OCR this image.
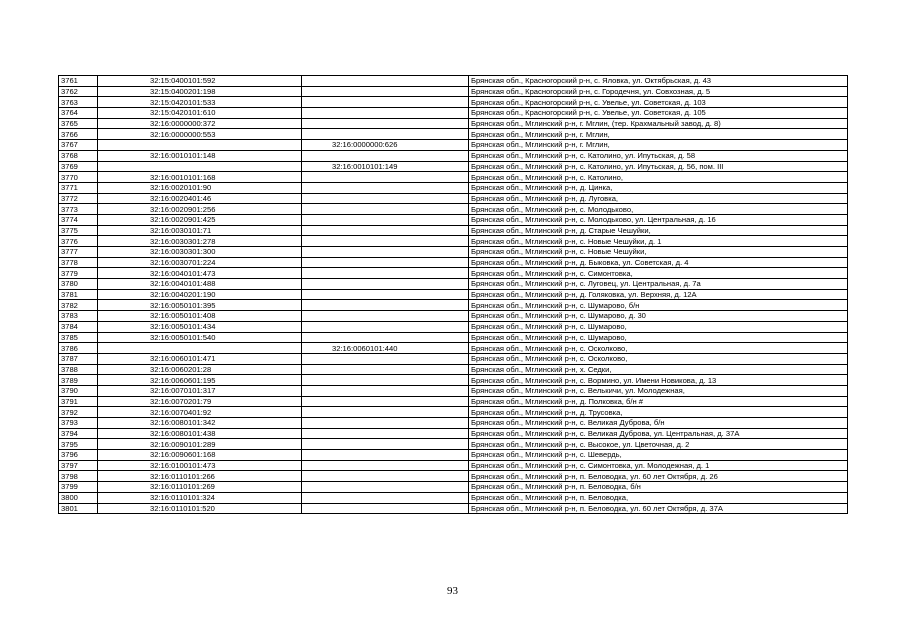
3761	32:15:0400101:592		Брянская обл., Красногорский р-н, с. Яловка, ул. Октябрьская, д. 43
3762	32:15:0400201:198		Брянская обл., Красногорский р-н, с. Городечня, ул. Совхозная, д. 5
3763	32:15:0420101:533		Брянская обл., Красногорский р-н, с. Увелье, ул. Советская, д. 103
3764	32:15:0420101:610		Брянская обл., Красногорский р-н, с. Увелье, ул. Советская, д. 105
3765	32:16:0000000:372		Брянская обл., Мглинский р-н, г. Мглин, (тер. Крахмальный завод, д. 8)
3766	32:16:0000000:553		Брянская обл., Мглинский р-н, г. Мглин,
3767		32:16:0000000:626	Брянская обл., Мглинский р-н, г. Мглин,
3768	32:16:0010101:148		Брянская обл., Мглинский р-н, с. Католино, ул. Ипутьская, д. 58
3769		32:16:0010101:149	Брянская обл., Мглинский р-н, с. Католино, ул. Ипутьская, д. 56, пом. III
3770	32:16:0010101:168		Брянская обл., Мглинский р-н, с. Католино,
3771	32:16:0020101:90		Брянская обл., Мглинский р-н, д. Цинка,
3772	32:16:0020401:46		Брянская обл., Мглинский р-н, д. Луговка,
3773	32:16:0020901:256		Брянская обл., Мглинский р-н, с. Молодьково,
3774	32:16:0020901:425		Брянская обл., Мглинский р-н, с. Молодьково, ул. Центральная, д. 16
3775	32:16:0030101:71		Брянская обл., Мглинский р-н, д. Старые Чешуйки,
3776	32:16:0030301:278		Брянская обл., Мглинский р-н, с. Новые Чешуйки, д. 1
3777	32:16:0030301:300		Брянская обл., Мглинский р-н, с. Новые Чешуйки,
3778	32:16:0030701:224		Брянская обл., Мглинский р-н, д. Быковка, ул. Советская, д. 4
3779	32:16:0040101:473		Брянская обл., Мглинский р-н, с. Симонтовка,
3780	32:16:0040101:488		Брянская обл., Мглинский р-н, с. Луговец, ул. Центральная, д. 7а
3781	32:16:0040201:190		Брянская обл., Мглинский р-н, д. Голяковка, ул. Верхняя, д. 12А
3782	32:16:0050101:395		Брянская обл., Мглинский р-н, с. Шумарово, б/н
3783	32:16:0050101:408		Брянская обл., Мглинский р-н, с. Шумарово, д. 30
3784	32:16:0050101:434		Брянская обл., Мглинский р-н, с. Шумарово,
3785	32:16:0050101:540		Брянская обл., Мглинский р-н, с. Шумарово,
3786		32:16:0060101:440	Брянская обл., Мглинский р-н, с. Осколково,
3787	32:16:0060101:471		Брянская обл., Мглинский р-н, с. Осколково,
3788	32:16:0060201:28		Брянская обл., Мглинский р-н, х. Седки,
3789	32:16:0060601:195		Брянская обл., Мглинский р-н, с. Вормино, ул. Имени Новикова, д. 13
3790	32:16:0070101:317		Брянская обл., Мглинский р-н, с. Велькичи, ул. Молодежная,
3791	32:16:0070201:79		Брянская обл., Мглинский р-н, д. Полковка, б/н #
3792	32:16:0070401:92		Брянская обл., Мглинский р-н, д. Трусовка,
3793	32:16:0080101:342		Брянская обл., Мглинский р-н, с. Великая Дуброва, б/н
3794	32:16:0080101:438		Брянская обл., Мглинский р-н, с. Великая Дуброва, ул. Центральная, д. 37А
3795	32:16:0090101:289		Брянская обл., Мглинский р-н, с. Высокое, ул. Цветочная, д. 2
3796	32:16:0090601:168		Брянская обл., Мглинский р-н, с. Шевердь,
3797	32:16:0100101:473		Брянская обл., Мглинский р-н, с. Симонтовка, ул. Молодежная, д. 1
3798	32:16:0110101:266		Брянская обл., Мглинский р-н, п. Беловодка, ул. 60 лет Октября, д. 26
3799	32:16:0110101:269		Брянская обл., Мглинский р-н, п. Беловодка, б/н
3800	32:16:0110101:324		Брянская обл., Мглинский р-н, п. Беловодка,
3801	32:16:0110101:520		Брянская обл., Мглинский р-н, п. Беловодка, ул. 60 лет Октября, д. 37А
93
